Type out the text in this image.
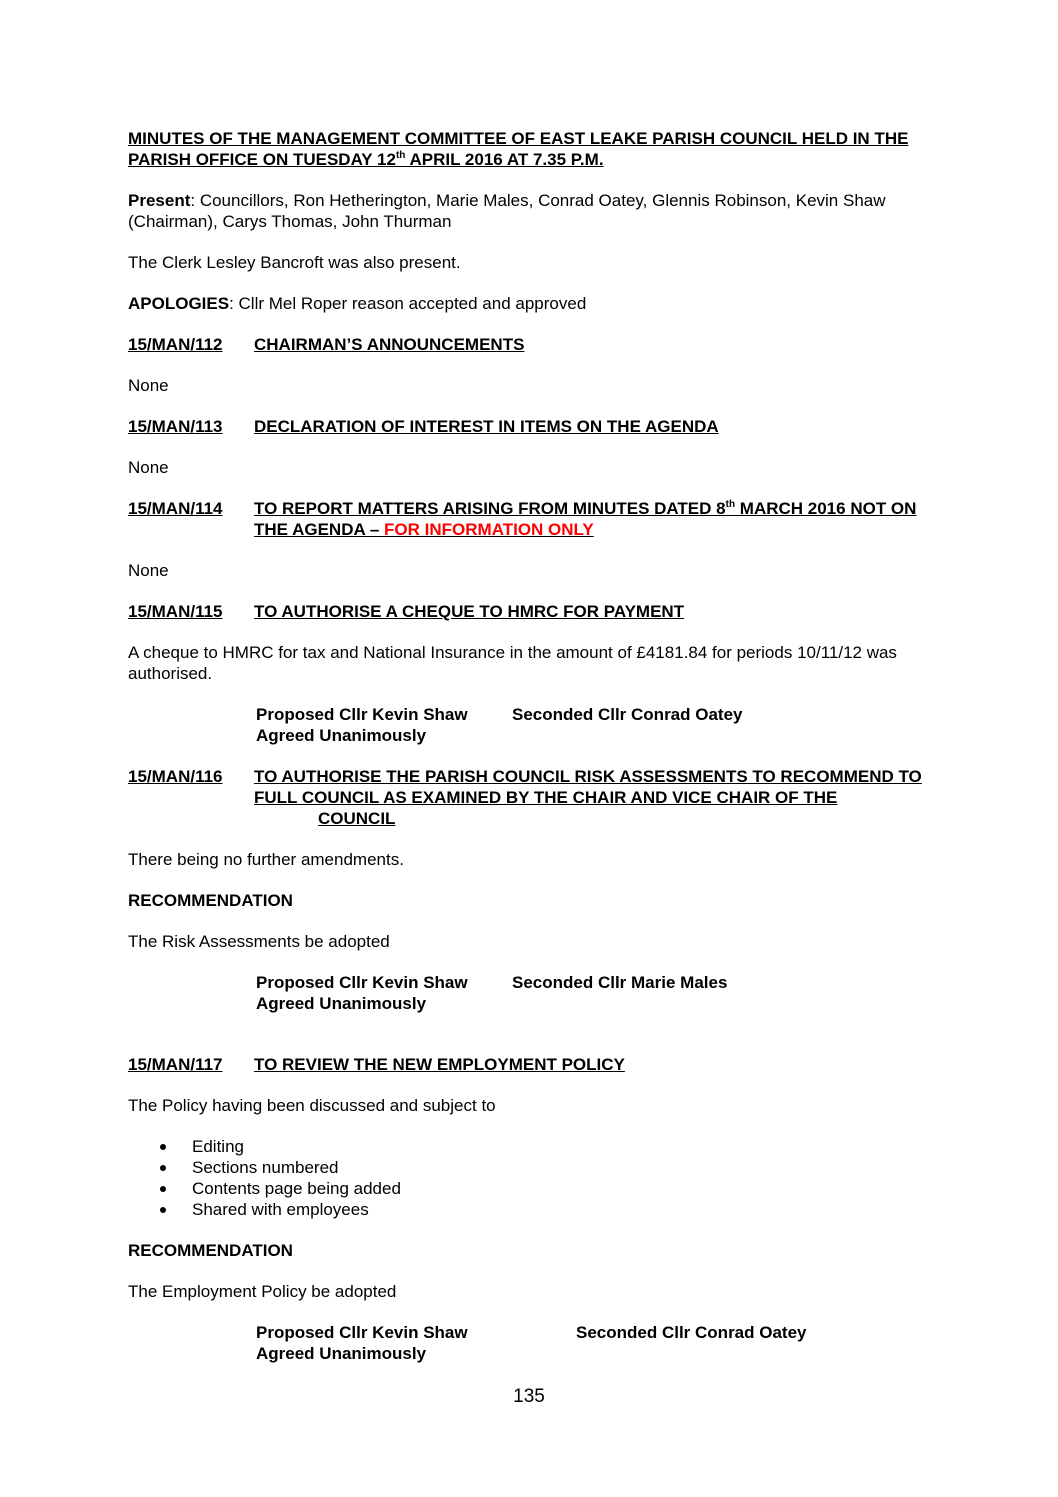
MINUTES OF THE MANAGEMENT COMMITTEE OF EAST LEAKE PARISH COUNCIL HELD IN THE PARISH OFFICE ON TUESDAY 12th APRIL 2016 AT 7.35 P.M.

Present: Councillors, Ron Hetherington, Marie Males, Conrad Oatey, Glennis Robinson, Kevin Shaw (Chairman), Carys Thomas, John Thurman

The Clerk Lesley Bancroft was also present.

APOLOGIES: Cllr Mel Roper reason accepted and approved

15/MAN/112	CHAIRMAN’S ANNOUNCEMENTS

None

15/MAN/113	DECLARATION OF INTEREST IN ITEMS ON THE AGENDA

None

15/MAN/114	TO REPORT MATTERS ARISING FROM MINUTES DATED 8th MARCH 2016 NOT ON THE AGENDA – FOR INFORMATION ONLY

None

15/MAN/115	TO AUTHORISE A CHEQUE TO HMRC FOR PAYMENT

A cheque to HMRC for tax and National Insurance in the amount of £4181.84 for periods 10/11/12 was authorised.

Proposed Cllr Kevin Shaw	Seconded Cllr Conrad Oatey
Agreed Unanimously
15/MAN/116	TO AUTHORISE THE PARISH COUNCIL RISK ASSESSMENTS TO RECOMMEND TO FULL COUNCIL AS EXAMINED BY THE CHAIR AND VICE CHAIR OF THE
COUNCIL

There being no further amendments.

RECOMMENDATION

The Risk Assessments be adopted

Proposed Cllr Kevin Shaw	Seconded Cllr Marie Males
Agreed Unanimously
15/MAN/117	TO REVIEW THE NEW EMPLOYMENT POLICY

The Policy having been discussed and subject to

Editing
Sections numbered
Contents page being added
Shared with employees

RECOMMENDATION

The Employment Policy be adopted

Proposed Cllr Kevin Shaw	Seconded Cllr Conrad Oatey
Agreed Unanimously
135
